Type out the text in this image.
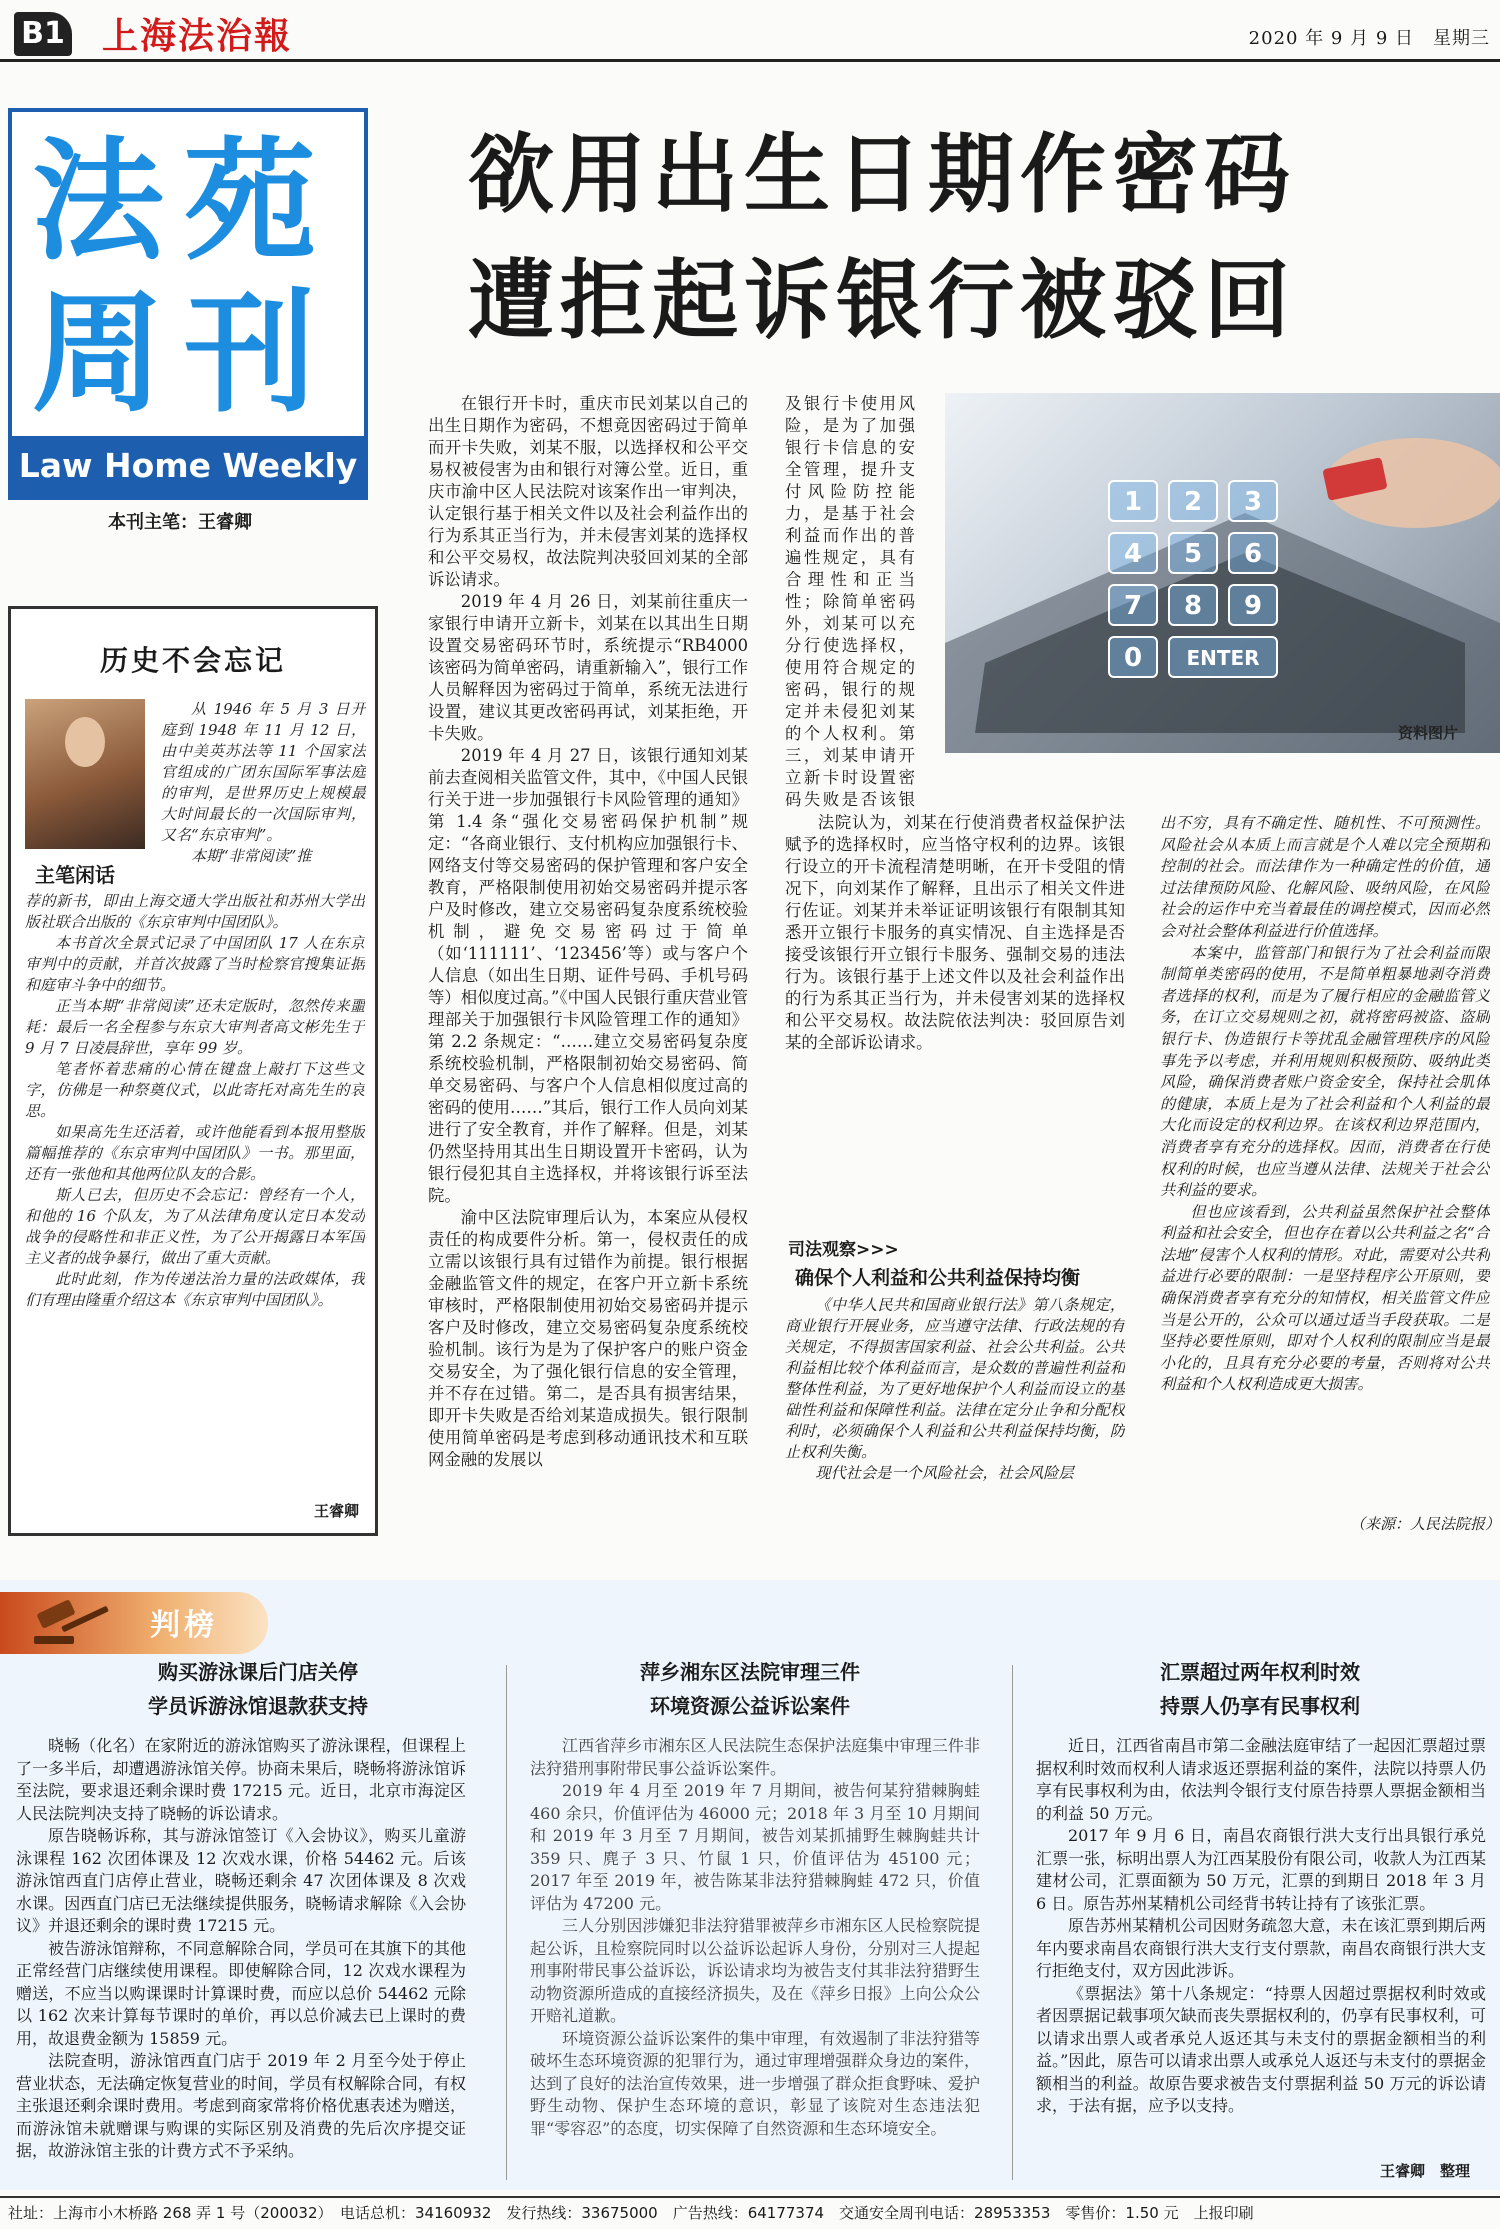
B1 上海法治報	2020 年 9 月 9 日　星期三
法苑周刊
Law Home Weekly
本刊主笔：王睿卿
欲用出生日期作密码
遭拒起诉银行被驳回

在银行开卡时，重庆市民刘某以自己的出生日期作为密码，不想竟因密码过于简单而开卡失败，刘某不服，以选择权和公平交易权被侵害为由和银行对簿公堂。近日，重庆市渝中区人民法院对该案作出一审判决，认定银行基于相关文件以及社会利益作出的行为系其正当行为，并未侵害刘某的选择权和公平交易权，故法院判决驳回刘某的全部诉讼请求。

2019 年 4 月 26 日，刘某前往重庆一家银行申请开立新卡，刘某在以其出生日期设置交易密码环节时，系统提示“RB4000 该密码为简单密码，请重新输入”，银行工作人员解释因为密码过于简单，系统无法进行设置，建议其更改密码再试，刘某拒绝，开卡失败。

2019 年 4 月 27 日，该银行通知刘某前去查阅相关监管文件，其中，《中国人民银行关于进一步加强银行卡风险管理的通知》第 1.4 条“强化交易密码保护机制”规定：“各商业银行、支付机构应加强银行卡、网络支付等交易密码的保护管理和客户安全教育，严格限制使用初始交易密码并提示客户及时修改，建立交易密码复杂度系统校验机制，避免交易密码过于简单（如‘111111’、‘123456’等）或与客户个人信息（如出生日期、证件号码、手机号码等）相似度过高。”《中国人民银行重庆营业管理部关于加强银行卡风险管理工作的通知》第 2.2 条规定：“……建立交易密码复杂度系统校验机制，严格限制初始交易密码、简单交易密码、与客户个人信息相似度过高的密码的使用……”其后，银行工作人员向刘某进行了安全教育，并作了解释。但是，刘某仍然坚持用其出生日期设置开卡密码，认为银行侵犯其自主选择权，并将该银行诉至法院。

渝中区法院审理后认为，本案应从侵权责任的构成要件分析。第一，侵权责任的成立需以该银行具有过错作为前提。银行根据金融监管文件的规定，在客户开立新卡系统审核时，严格限制使用初始交易密码并提示客户及时修改，建立交易密码复杂度系统校验机制。该行为是为了保护客户的账户资金交易安全，为了强化银行信息的安全管理，并不存在过错。第二，是否具有损害结果，即开卡失败是否给刘某造成损失。银行限制使用简单密码是考虑到移动通讯技术和互联网金融的发展以

及银行卡使用风险，是为了加强银行卡信息的安全管理，提升支付风险防控能力，是基于社会利益而作出的普遍性规定，具有合理性和正当性；除简单密码外，刘某可以充分行使选择权，使用符合规定的密码，银行的规定并未侵犯刘某的个人权利。第三，刘某申请开立新卡时设置密码失败是否该银

1	2	3
4	5	6
7	8	9
0	ENTER
资料图片

法院认为，刘某在行使消费者权益保护法赋予的选择权时，应当恪守权利的边界。该银行设立的开卡流程清楚明晰，在开卡受阻的情况下，向刘某作了解释，且出示了相关文件进行佐证。刘某并未举证证明该银行有限制其知悉开立银行卡服务的真实情况、自主选择是否接受该银行开立银行卡服务、强制交易的违法行为。该银行基于上述文件以及社会利益作出的行为系其正当行为，并未侵害刘某的选择权和公平交易权。故法院依法判决：驳回原告刘某的全部诉讼请求。

司法观察>>>
确保个人利益和公共利益保持均衡

《中华人民共和国商业银行法》第八条规定，商业银行开展业务，应当遵守法律、行政法规的有关规定，不得损害国家利益、社会公共利益。公共利益相比较个体利益而言，是众数的普遍性利益和整体性利益，为了更好地保护个人利益而设立的基础性利益和保障性利益。法律在定分止争和分配权利时，必须确保个人利益和公共利益保持均衡，防止权利失衡。

现代社会是一个风险社会，社会风险层

出不穷，具有不确定性、随机性、不可预测性。风险社会从本质上而言就是个人难以完全预期和控制的社会。而法律作为一种确定性的价值，通过法律预防风险、化解风险、吸纳风险，在风险社会的运作中充当着最佳的调控模式，因而必然会对社会整体利益进行价值选择。

本案中，监管部门和银行为了社会利益而限制简单类密码的使用，不是简单粗暴地剥夺消费者选择的权利，而是为了履行相应的金融监管义务，在订立交易规则之初，就将密码被盗、盗刷银行卡、伪造银行卡等扰乱金融管理秩序的风险事先予以考虑，并利用规则积极预防、吸纳此类风险，确保消费者账户资金安全，保持社会肌体的健康，本质上是为了社会利益和个人利益的最大化而设定的权利边界。在该权利边界范围内，消费者享有充分的选择权。因而，消费者在行使权利的时候，也应当遵从法律、法规关于社会公共利益的要求。

但也应该看到，公共利益虽然保护社会整体利益和社会安全，但也存在着以公共利益之名“合法地”侵害个人权利的情形。对此，需要对公共利益进行必要的限制：一是坚持程序公开原则，要确保消费者享有充分的知情权，相关监管文件应当是公开的，公众可以通过适当手段获取。二是坚持必要性原则，即对个人权利的限制应当是最小化的，且具有充分必要的考量，否则将对公共利益和个人权利造成更大损害。

（来源：人民法院报）
历史不会忘记
主笔闲话

从 1946 年 5 月 3 日开庭到 1948 年 11 月 12 日，由中美英苏法等 11 个国家法官组成的广团东国际军事法庭的审判，是世界历史上规模最大时间最长的一次国际审判，又名“东京审判”。

本期“非常阅读”推

荐的新书，即由上海交通大学出版社和苏州大学出版社联合出版的《东京审判中国团队》。

本书首次全景式记录了中国团队 17 人在东京审判中的贡献，并首次披露了当时检察官搜集证据和庭审斗争中的细节。

正当本期“非常阅读”还未定版时，忽然传来噩耗：最后一名全程参与东京大审判者高文彬先生于 9 月 7 日凌晨辞世，享年 99 岁。

笔者怀着悲痛的心情在键盘上敲打下这些文字，仿佛是一种祭奠仪式，以此寄托对高先生的哀思。

如果高先生还活着，或许他能看到本报用整版篇幅推荐的《东京审判中国团队》一书。那里面，还有一张他和其他两位队友的合影。

斯人已去，但历史不会忘记：曾经有一个人，和他的 16 个队友，为了从法律角度认定日本发动战争的侵略性和非正义性，为了公开揭露日本军国主义者的战争暴行，做出了重大贡献。

此时此刻，作为传递法治力量的法政媒体，我们有理由隆重介绍这本《东京审判中国团队》。

王睿卿
判榜
购买游泳课后门店关停
学员诉游泳馆退款获支持

晓畅（化名）在家附近的游泳馆购买了游泳课程，但课程上了一多半后，却遭遇游泳馆关停。协商未果后，晓畅将游泳馆诉至法院，要求退还剩余课时费 17215 元。近日，北京市海淀区人民法院判决支持了晓畅的诉讼请求。

原告晓畅诉称，其与游泳馆签订《入会协议》，购买儿童游泳课程 162 次团体课及 12 次戏水课，价格 54462 元。后该游泳馆西直门店停止营业，晓畅还剩余 47 次团体课及 8 次戏水课。因西直门店已无法继续提供服务，晓畅请求解除《入会协议》并退还剩余的课时费 17215 元。

被告游泳馆辩称，不同意解除合同，学员可在其旗下的其他正常经营门店继续使用课程。即使解除合同，12 次戏水课程为赠送，不应当以购课课时计算课时费，而应以总价 54462 元除以 162 次来计算每节课时的单价，再以总价减去已上课时的费用，故退费金额为 15859 元。

法院查明，游泳馆西直门店于 2019 年 2 月至今处于停止营业状态，无法确定恢复营业的时间，学员有权解除合同，有权主张退还剩余课时费用。考虑到商家常将价格优惠表述为赠送，而游泳馆未就赠课与购课的实际区别及消费的先后次序提交证据，故游泳馆主张的计费方式不予采纳。

萍乡湘东区法院审理三件
环境资源公益诉讼案件

江西省萍乡市湘东区人民法院生态保护法庭集中审理三件非法狩猎刑事附带民事公益诉讼案件。

2019 年 4 月至 2019 年 7 月期间，被告何某狩猎棘胸蛙 460 余只，价值评估为 46000 元；2018 年 3 月至 10 月期间和 2019 年 3 月至 7 月期间，被告刘某抓捕野生棘胸蛙共计 359 只、麂子 3 只、竹鼠 1 只，价值评估为 45100 元；2017 年至 2019 年，被告陈某非法狩猎棘胸蛙 472 只，价值评估为 47200 元。

三人分别因涉嫌犯非法狩猎罪被萍乡市湘东区人民检察院提起公诉，且检察院同时以公益诉讼起诉人身份，分别对三人提起刑事附带民事公益诉讼，诉讼请求均为被告支付其非法狩猎野生动物资源所造成的直接经济损失，及在《萍乡日报》上向公众公开赔礼道歉。

环境资源公益诉讼案件的集中审理，有效遏制了非法狩猎等破坏生态环境资源的犯罪行为，通过审理增强群众身边的案件，达到了良好的法治宣传效果，进一步增强了群众拒食野味、爱护野生动物、保护生态环境的意识，彰显了该院对生态违法犯罪“零容忍”的态度，切实保障了自然资源和生态环境安全。

汇票超过两年权利时效
持票人仍享有民事权利

近日，江西省南昌市第二金融法庭审结了一起因汇票超过票据权利时效而权利人请求返还票据利益的案件，法院以持票人仍享有民事权利为由，依法判令银行支付原告持票人票据金额相当的利益 50 万元。

2017 年 9 月 6 日，南昌农商银行洪大支行出具银行承兑汇票一张，标明出票人为江西某股份有限公司，收款人为江西某建材公司，汇票面额为 50 万元，汇票的到期日 2018 年 3 月 6 日。原告苏州某精机公司经背书转让持有了该张汇票。

原告苏州某精机公司因财务疏忽大意，未在该汇票到期后两年内要求南昌农商银行洪大支行支付票款，南昌农商银行洪大支行拒绝支付，双方因此涉诉。

《票据法》第十八条规定：“持票人因超过票据权利时效或者因票据记载事项欠缺而丧失票据权利的，仍享有民事权利，可以请求出票人或者承兑人返还其与未支付的票据金额相当的利益。”因此，原告可以请求出票人或承兑人返还与未支付的票据金额相当的利益。故原告要求被告支付票据利益 50 万元的诉讼请求，于法有据，应予以支持。

王睿卿　整理
社址：上海市小木桥路 268 弄 1 号（200032）　电话总机：34160932　发行热线：33675000　广告热线：64177374　交通安全周刊电话：28953353　零售价：1.50 元　上报印刷
